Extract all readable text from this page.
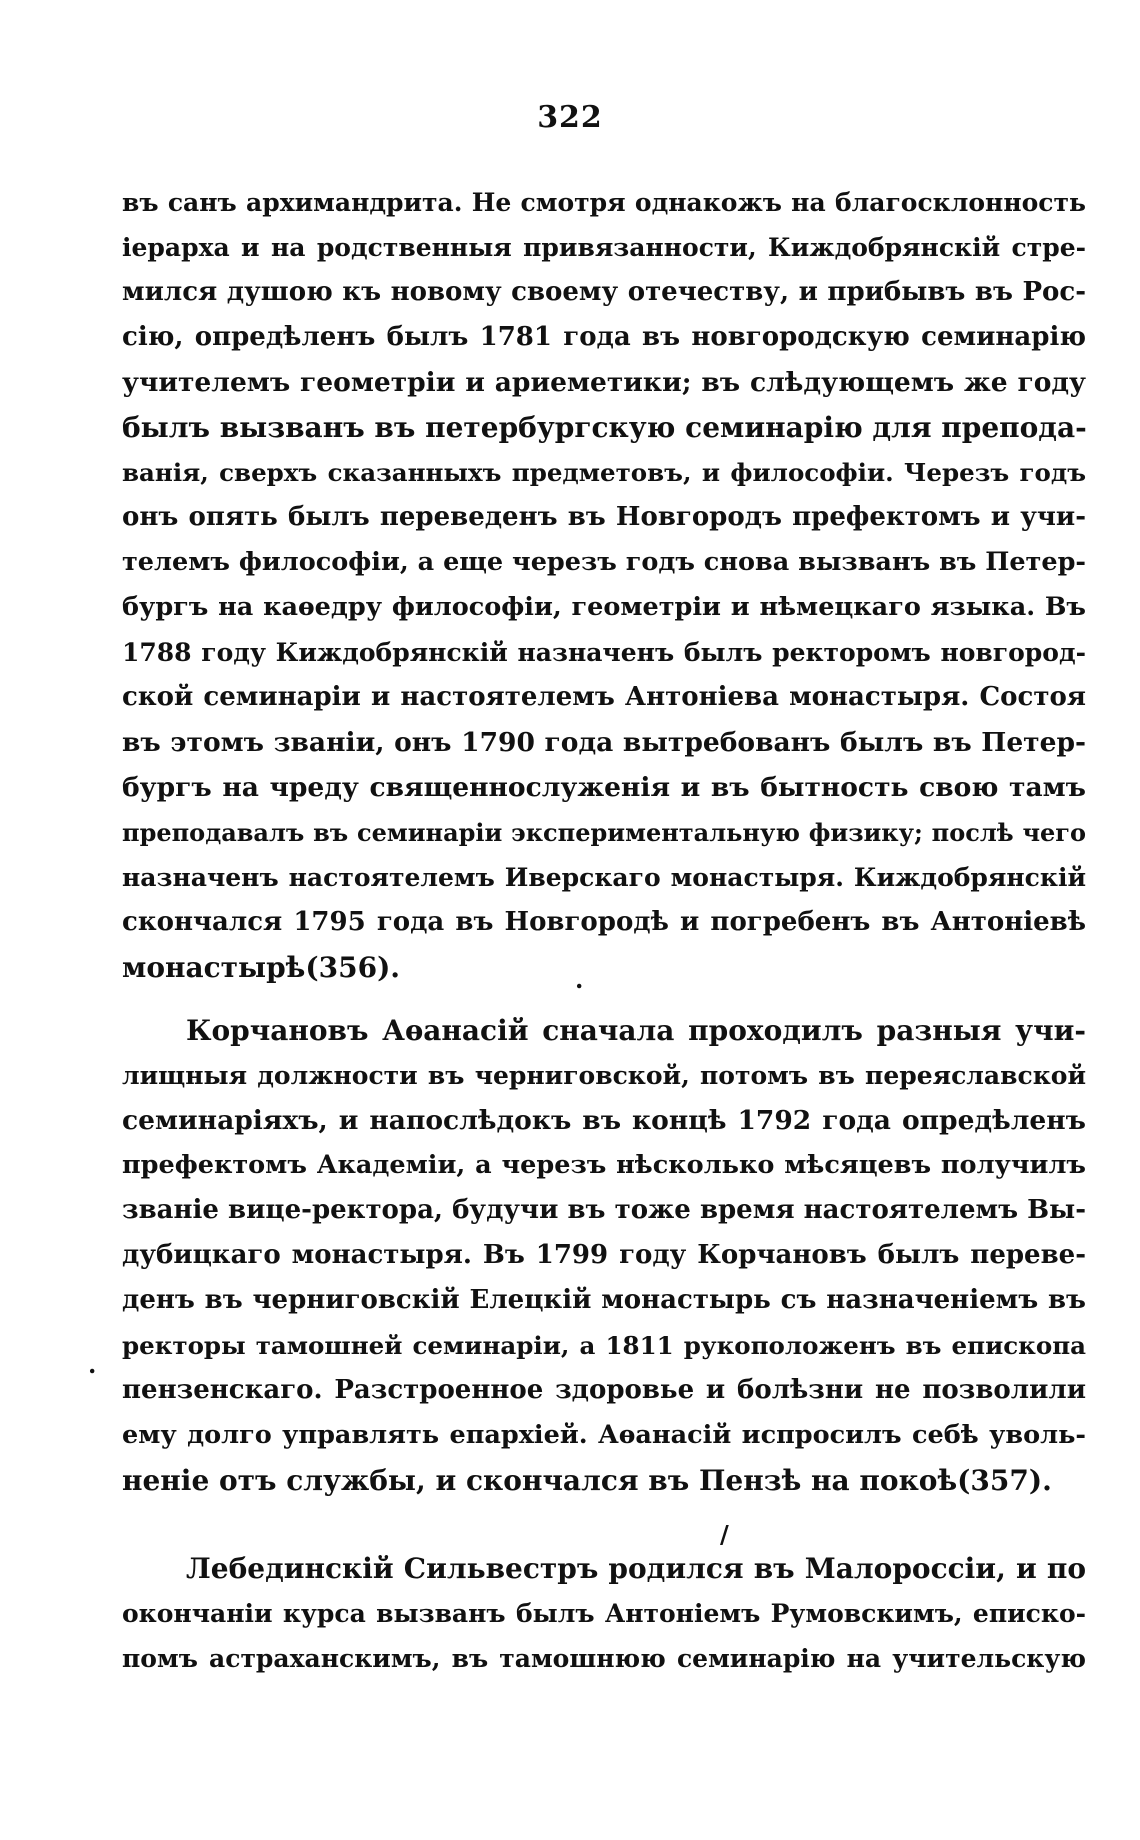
322
въ санъ архимандрита. Не смотря однакожъ на благосклонность
iерарха и на родственныя привязанности, Киждобрянскiй стре-
мился душою къ новому своему отечеству, и прибывъ въ Рос-
сiю, опредѣленъ былъ 1781 года въ новгородскую семинарiю
учителемъ геометрiи и ариеметики; въ слѣдующемъ же году
былъ вызванъ въ петербургскую семинарiю для препода-
ванiя, сверхъ сказанныхъ предметовъ, и философiи. Черезъ годъ
онъ опять былъ переведенъ въ Новгородъ префектомъ и учи-
телемъ философiи, а еще черезъ годъ снова вызванъ въ Петер-
бургъ на каѳедру философiи, геометрiи и нѣмецкаго языка. Въ
1788 году Киждобрянскiй назначенъ былъ ректоромъ новгород-
ской семинарiи и настоятелемъ Антонiева монастыря. Состоя
въ этомъ званiи, онъ 1790 года вытребованъ былъ въ Петер-
бургъ на чреду священнослуженiя и въ бытность свою тамъ
преподавалъ въ семинарiи экспериментальную физику; послѣ чего
назначенъ настоятелемъ Иверскаго монастыря. Киждобрянскiй
скончался 1795 года въ Новгородѣ и погребенъ въ Антонiевѣ
монастырѣ(356).	.
Корчановъ Аѳанасiй сначала проходилъ разныя учи-
лищныя должности въ черниговской, потомъ въ переяславской
семинарiяхъ, и напослѣдокъ въ концѣ 1792 года опредѣленъ
префектомъ Академiи, а черезъ нѣсколько мѣсяцевъ получилъ
званiе вице-ректора, будучи въ тоже время настоятелемъ Вы-
дубицкаго монастыря. Въ 1799 году Корчановъ былъ переве-
денъ въ черниговскiй Елецкiй монастырь съ назначенiемъ въ
ректоры тамошней семинарiи, а 1811 рукоположенъ въ епископа
пензенскаго. Разстроенное здоровье и болѣзни не позволили
ему долго управлять епархiей. Аѳанасiй испросилъ себѣ уволь-
ненiе отъ службы, и скончался въ Пензѣ на покоѣ(357).
.
/
Лебединскiй Сильвестръ родился въ Малороссiи, и по
окончанiи курса вызванъ былъ Антонiемъ Румовскимъ, еписко-
помъ астраханскимъ, въ тамошнюю семинарiю на учительскую
